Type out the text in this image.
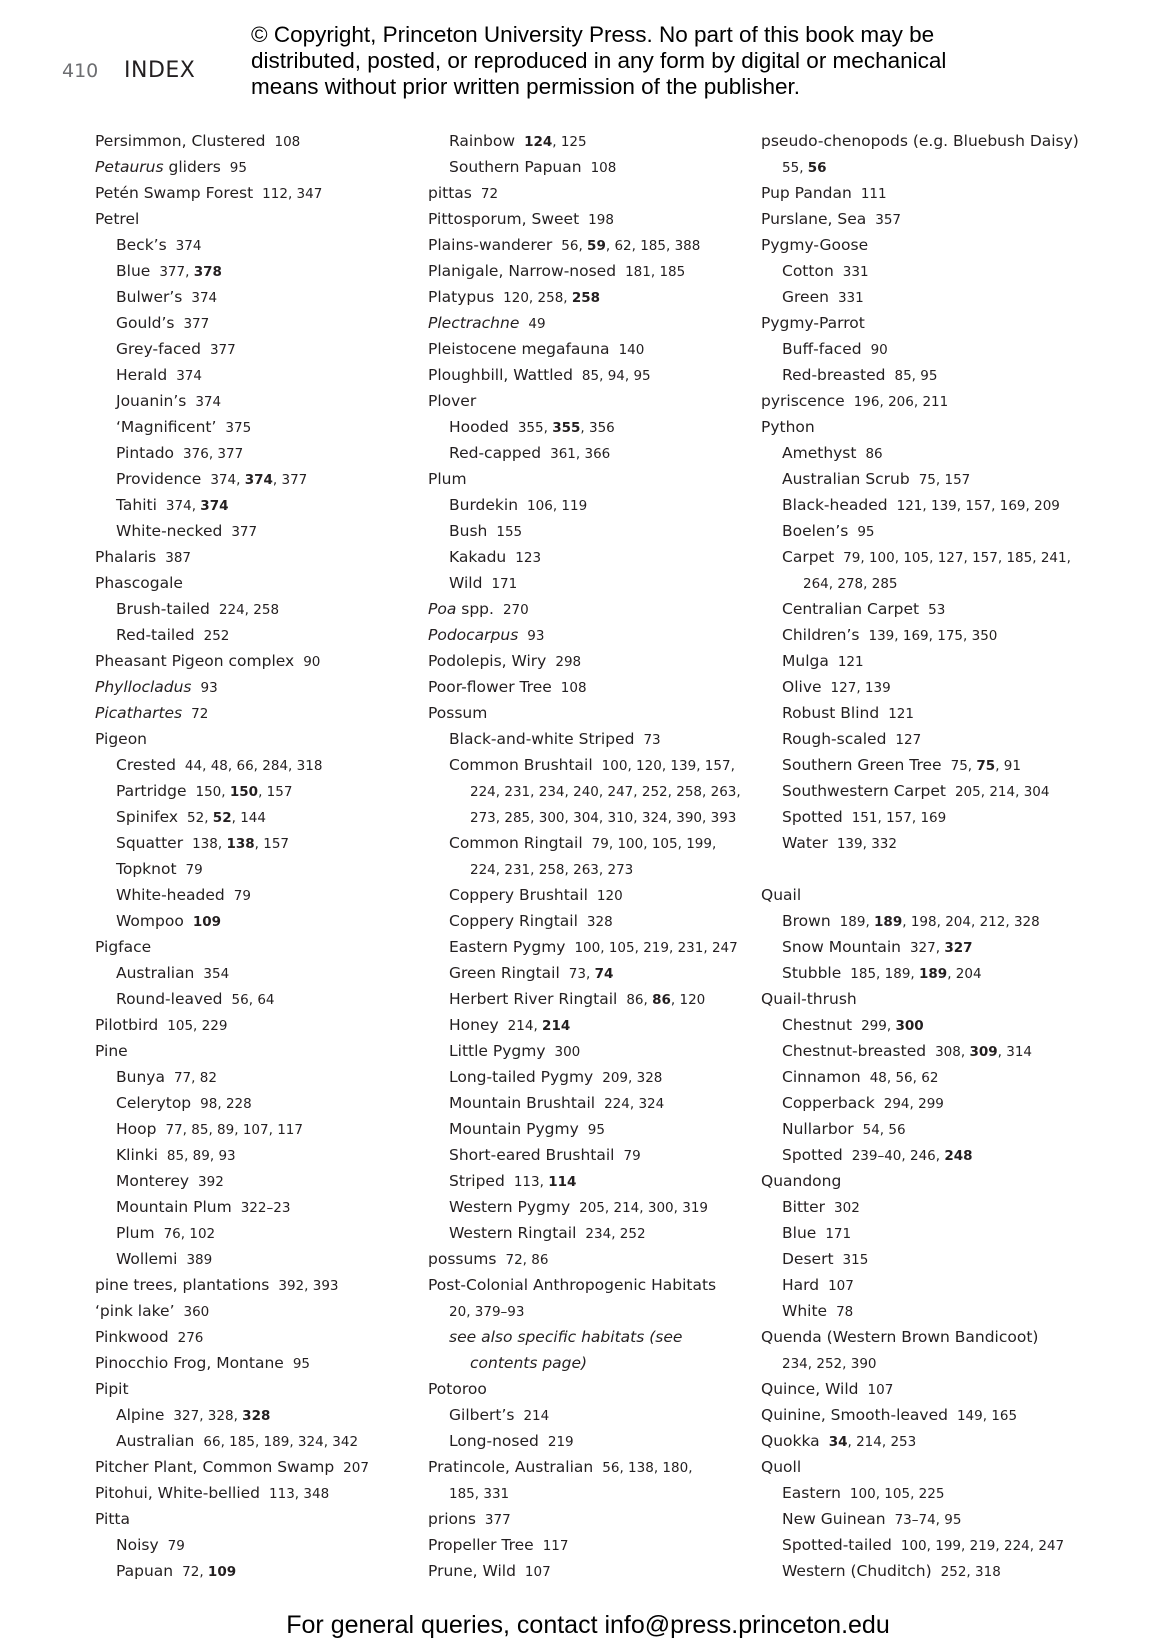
410 INDEX
© Copyright, Princeton University Press. No part of this book may be distributed, posted, or reproduced in any form by digital or mechanical means without prior written permission of the publisher.
Persimmon, Clustered 108
Petaurus gliders 95
Petén Swamp Forest 112, 347
Petrel
Beck’s 374
Blue 377, 378
Bulwer’s 374
Gould’s 377
Grey-faced 377
Herald 374
Jouanin’s 374
‘Magnificent’ 375
Pintado 376, 377
Providence 374, 374, 377
Tahiti 374, 374
White-necked 377
Phalaris 387
Phascogale
Brush-tailed 224, 258
Red-tailed 252
Pheasant Pigeon complex 90
Phyllocladus 93
Picathartes 72
Pigeon
Crested 44, 48, 66, 284, 318
Partridge 150, 150, 157
Spinifex 52, 52, 144
Squatter 138, 138, 157
Topknot 79
White-headed 79
Wompoo 109
Pigface
Australian 354
Round-leaved 56, 64
Pilotbird 105, 229
Pine
Bunya 77, 82
Celerytop 98, 228
Hoop 77, 85, 89, 107, 117
Klinki 85, 89, 93
Monterey 392
Mountain Plum 322–23
Plum 76, 102
Wollemi 389
pine trees, plantations 392, 393
‘pink lake’ 360
Pinkwood 276
Pinocchio Frog, Montane 95
Pipit
Alpine 327, 328, 328
Australian 66, 185, 189, 324, 342
Pitcher Plant, Common Swamp 207
Pitohui, White-bellied 113, 348
Pitta
Noisy 79
Papuan 72, 109
Rainbow 124, 125
Southern Papuan 108
pittas 72
Pittosporum, Sweet 198
Plains-wanderer 56, 59, 62, 185, 388
Planigale, Narrow-nosed 181, 185
Platypus 120, 258, 258
Plectrachne 49
Pleistocene megafauna 140
Ploughbill, Wattled 85, 94, 95
Plover
Hooded 355, 355, 356
Red-capped 361, 366
Plum
Burdekin 106, 119
Bush 155
Kakadu 123
Wild 171
Poa spp. 270
Podocarpus 93
Podolepis, Wiry 298
Poor-flower Tree 108
Possum
Black-and-white Striped 73
Common Brushtail 100, 120, 139, 157,
224, 231, 234, 240, 247, 252, 258, 263,
273, 285, 300, 304, 310, 324, 390, 393
Common Ringtail 79, 100, 105, 199,
224, 231, 258, 263, 273
Coppery Brushtail 120
Coppery Ringtail 328
Eastern Pygmy 100, 105, 219, 231, 247
Green Ringtail 73, 74
Herbert River Ringtail 86, 86, 120
Honey 214, 214
Little Pygmy 300
Long-tailed Pygmy 209, 328
Mountain Brushtail 224, 324
Mountain Pygmy 95
Short-eared Brushtail 79
Striped 113, 114
Western Pygmy 205, 214, 300, 319
Western Ringtail 234, 252
possums 72, 86
Post-Colonial Anthropogenic Habitats
20, 379–93
see also specific habitats (see
contents page)
Potoroo
Gilbert’s 214
Long-nosed 219
Pratincole, Australian 56, 138, 180,
185, 331
prions 377
Propeller Tree 117
Prune, Wild 107
pseudo-chenopods (e.g. Bluebush Daisy)
55, 56
Pup Pandan 111
Purslane, Sea 357
Pygmy-Goose
Cotton 331
Green 331
Pygmy-Parrot
Buff-faced 90
Red-breasted 85, 95
pyriscence 196, 206, 211
Python
Amethyst 86
Australian Scrub 75, 157
Black-headed 121, 139, 157, 169, 209
Boelen’s 95
Carpet 79, 100, 105, 127, 157, 185, 241,
264, 278, 285
Centralian Carpet 53
Children’s 139, 169, 175, 350
Mulga 121
Olive 127, 139
Robust Blind 121
Rough-scaled 127
Southern Green Tree 75, 75, 91
Southwestern Carpet 205, 214, 304
Spotted 151, 157, 169
Water 139, 332
Quail
Brown 189, 189, 198, 204, 212, 328
Snow Mountain 327, 327
Stubble 185, 189, 189, 204
Quail-thrush
Chestnut 299, 300
Chestnut-breasted 308, 309, 314
Cinnamon 48, 56, 62
Copperback 294, 299
Nullarbor 54, 56
Spotted 239–40, 246, 248
Quandong
Bitter 302
Blue 171
Desert 315
Hard 107
White 78
Quenda (Western Brown Bandicoot)
234, 252, 390
Quince, Wild 107
Quinine, Smooth-leaved 149, 165
Quokka 34, 214, 253
Quoll
Eastern 100, 105, 225
New Guinean 73–74, 95
Spotted-tailed 100, 199, 219, 224, 247
Western (Chuditch) 252, 318
For general queries, contact info@press.princeton.edu
